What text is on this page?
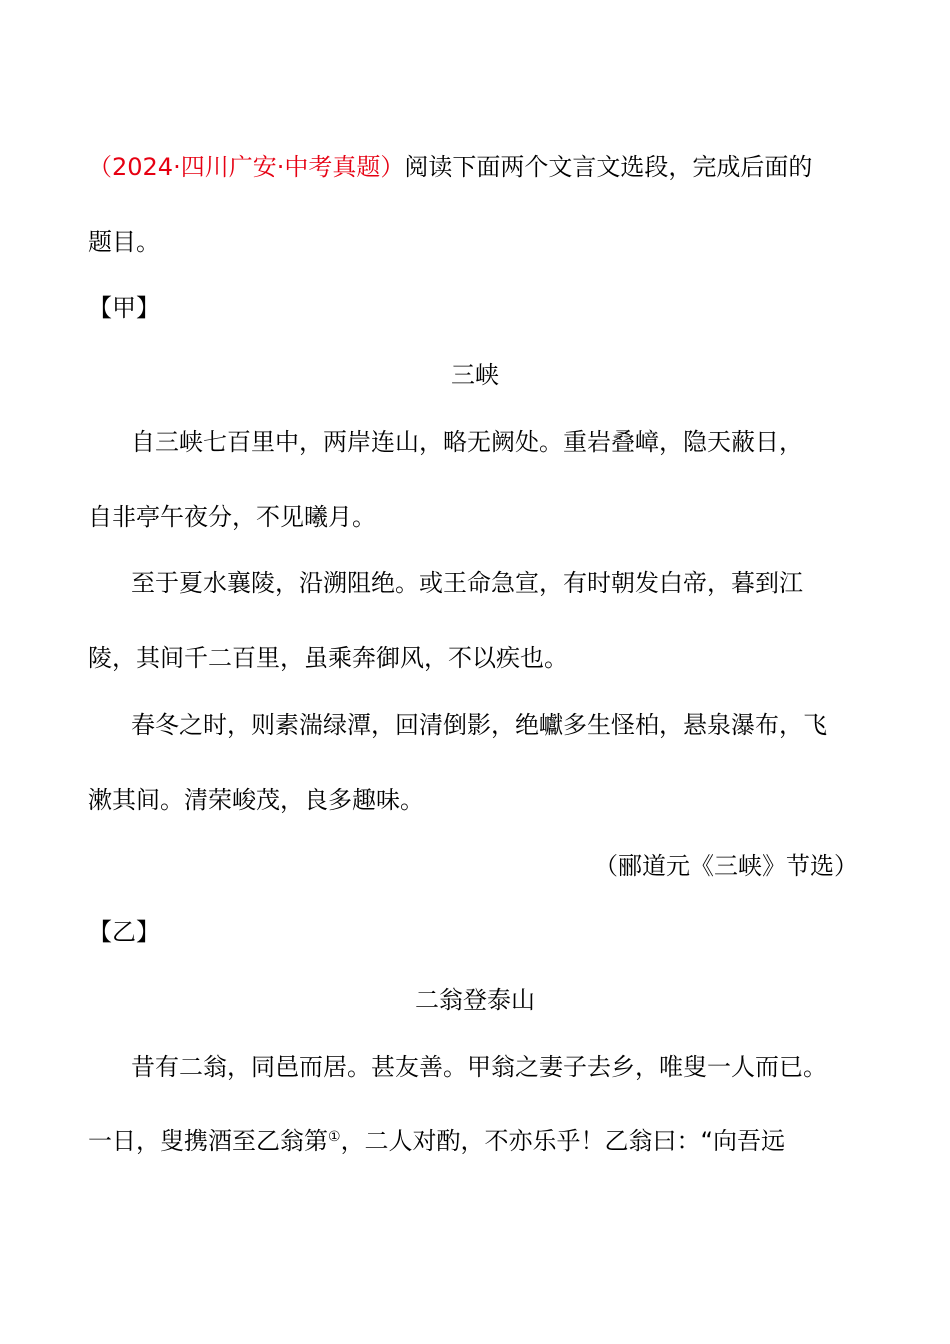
（2024·四川广安·中考真题）阅读下面两个文言文选段，完成后面的
题目。
【甲】
三峡
自三峡七百里中，两岸连山，略无阙处。重岩叠嶂，隐天蔽日，
自非亭午夜分，不见曦月。
至于夏水襄陵，沿溯阻绝。或王命急宣，有时朝发白帝，暮到江
陵，其间千二百里，虽乘奔御风，不以疾也。
春冬之时，则素湍绿潭，回清倒影，绝巘多生怪柏，悬泉瀑布，飞
漱其间。清荣峻茂，良多趣味。
（郦道元《三峡》节选）
【乙】
二翁登泰山
昔有二翁，同邑而居。甚友善。甲翁之妻子去乡，唯叟一人而已。
一日，叟携酒至乙翁第①，二人对酌，不亦乐乎！乙翁曰：“向吾远
